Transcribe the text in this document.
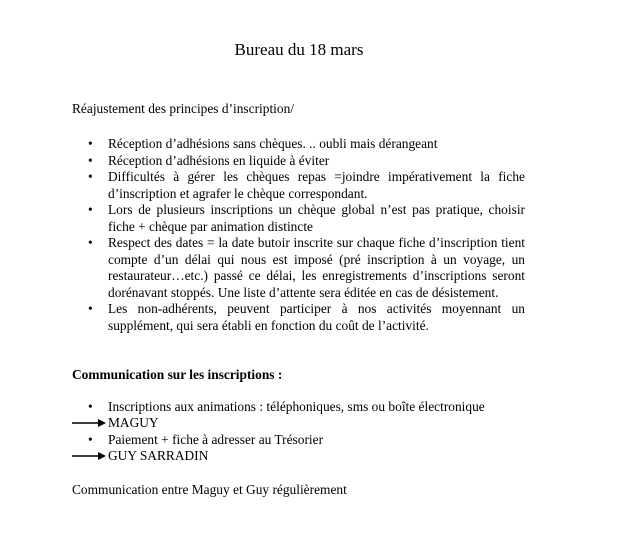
Bureau du 18 mars
Réajustement des principes d’inscription/
• Réception d’adhésions sans chèques. .. oubli mais dérangeant
• Réception d’adhésions en liquide à éviter
• Difficultés à gérer les chèques repas =joindre impérativement la fiche d’inscription et agrafer le chèque correspondant.
• Lors de plusieurs inscriptions un chèque global n’est pas pratique, choisir fiche + chèque par animation distincte
• Respect des dates = la date butoir inscrite sur chaque fiche d’inscription tient compte d’un délai qui nous est imposé (pré inscription à un voyage, un restaurateur…etc.) passé ce délai, les enregistrements d’inscriptions seront dorénavant stoppés. Une liste d’attente sera éditée en cas de désistement.
• Les non-adhérents, peuvent participer à nos activités moyennant un supplément, qui sera établi en fonction du coût de l’activité.
Communication sur les inscriptions :
• Inscriptions aux animations : téléphoniques, sms ou boîte électronique
MAGUY
• Paiement + fiche à adresser au Trésorier
GUY SARRADIN
Communication entre Maguy et Guy régulièrement
